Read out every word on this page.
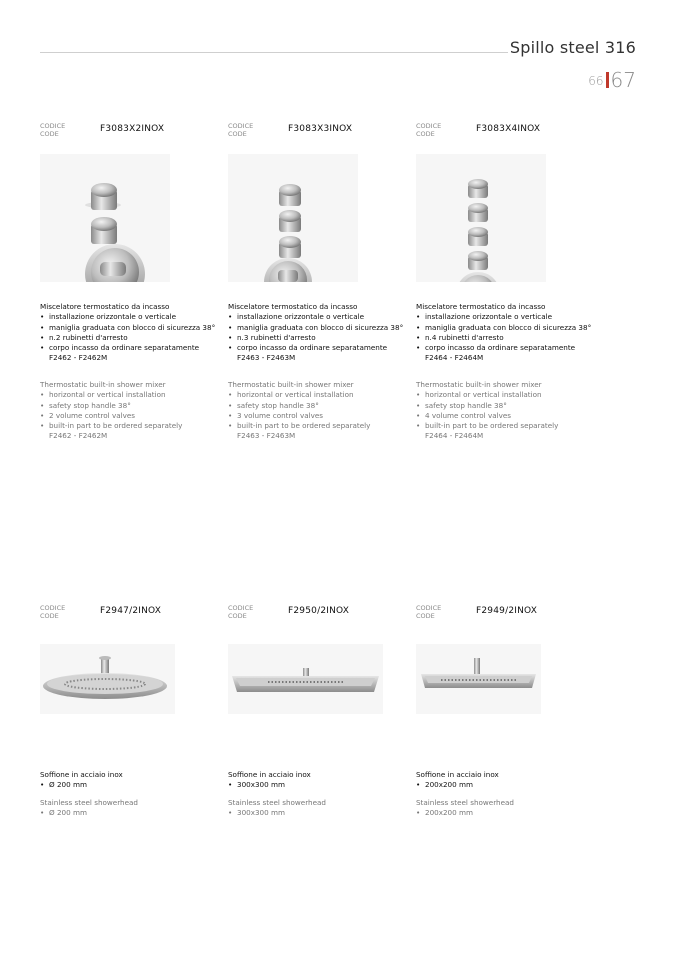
Spillo steel 316
66 67
CODICE
CODE	F3083X2INOX
Miscelatore termostatico da incasso
• installazione orizzontale o verticale
• maniglia graduata con blocco di sicurezza 38°
• n.2 rubinetti d'arresto
• corpo incasso da ordinare separatamente
F2462 - F2462M
Thermostatic built-in shower mixer
• horizontal or vertical installation
• safety stop handle 38°
• 2 volume control valves
• built-in part to be ordered separately
F2462 - F2462M
CODICE
CODE	F3083X3INOX
Miscelatore termostatico da incasso
• installazione orizzontale o verticale
• maniglia graduata con blocco di sicurezza 38°
• n.3 rubinetti d'arresto
• corpo incasso da ordinare separatamente
F2463 - F2463M
Thermostatic built-in shower mixer
• horizontal or vertical installation
• safety stop handle 38°
• 3 volume control valves
• built-in part to be ordered separately
F2463 - F2463M
CODICE
CODE	F3083X4INOX
Miscelatore termostatico da incasso
• installazione orizzontale o verticale
• maniglia graduata con blocco di sicurezza 38°
• n.4 rubinetti d'arresto
• corpo incasso da ordinare separatamente
F2464 - F2464M
Thermostatic built-in shower mixer
• horizontal or vertical installation
• safety stop handle 38°
• 4 volume control valves
• built-in part to be ordered separately
F2464 - F2464M
CODICE
CODE	F2947/2INOX
Soffione in acciaio inox
• Ø 200 mm
Stainless steel showerhead
• Ø 200 mm
CODICE
CODE	F2950/2INOX
Soffione in acciaio inox
• 300x300 mm
Stainless steel showerhead
• 300x300 mm
CODICE
CODE	F2949/2INOX
Soffione in acciaio inox
• 200x200 mm
Stainless steel showerhead
• 200x200 mm
